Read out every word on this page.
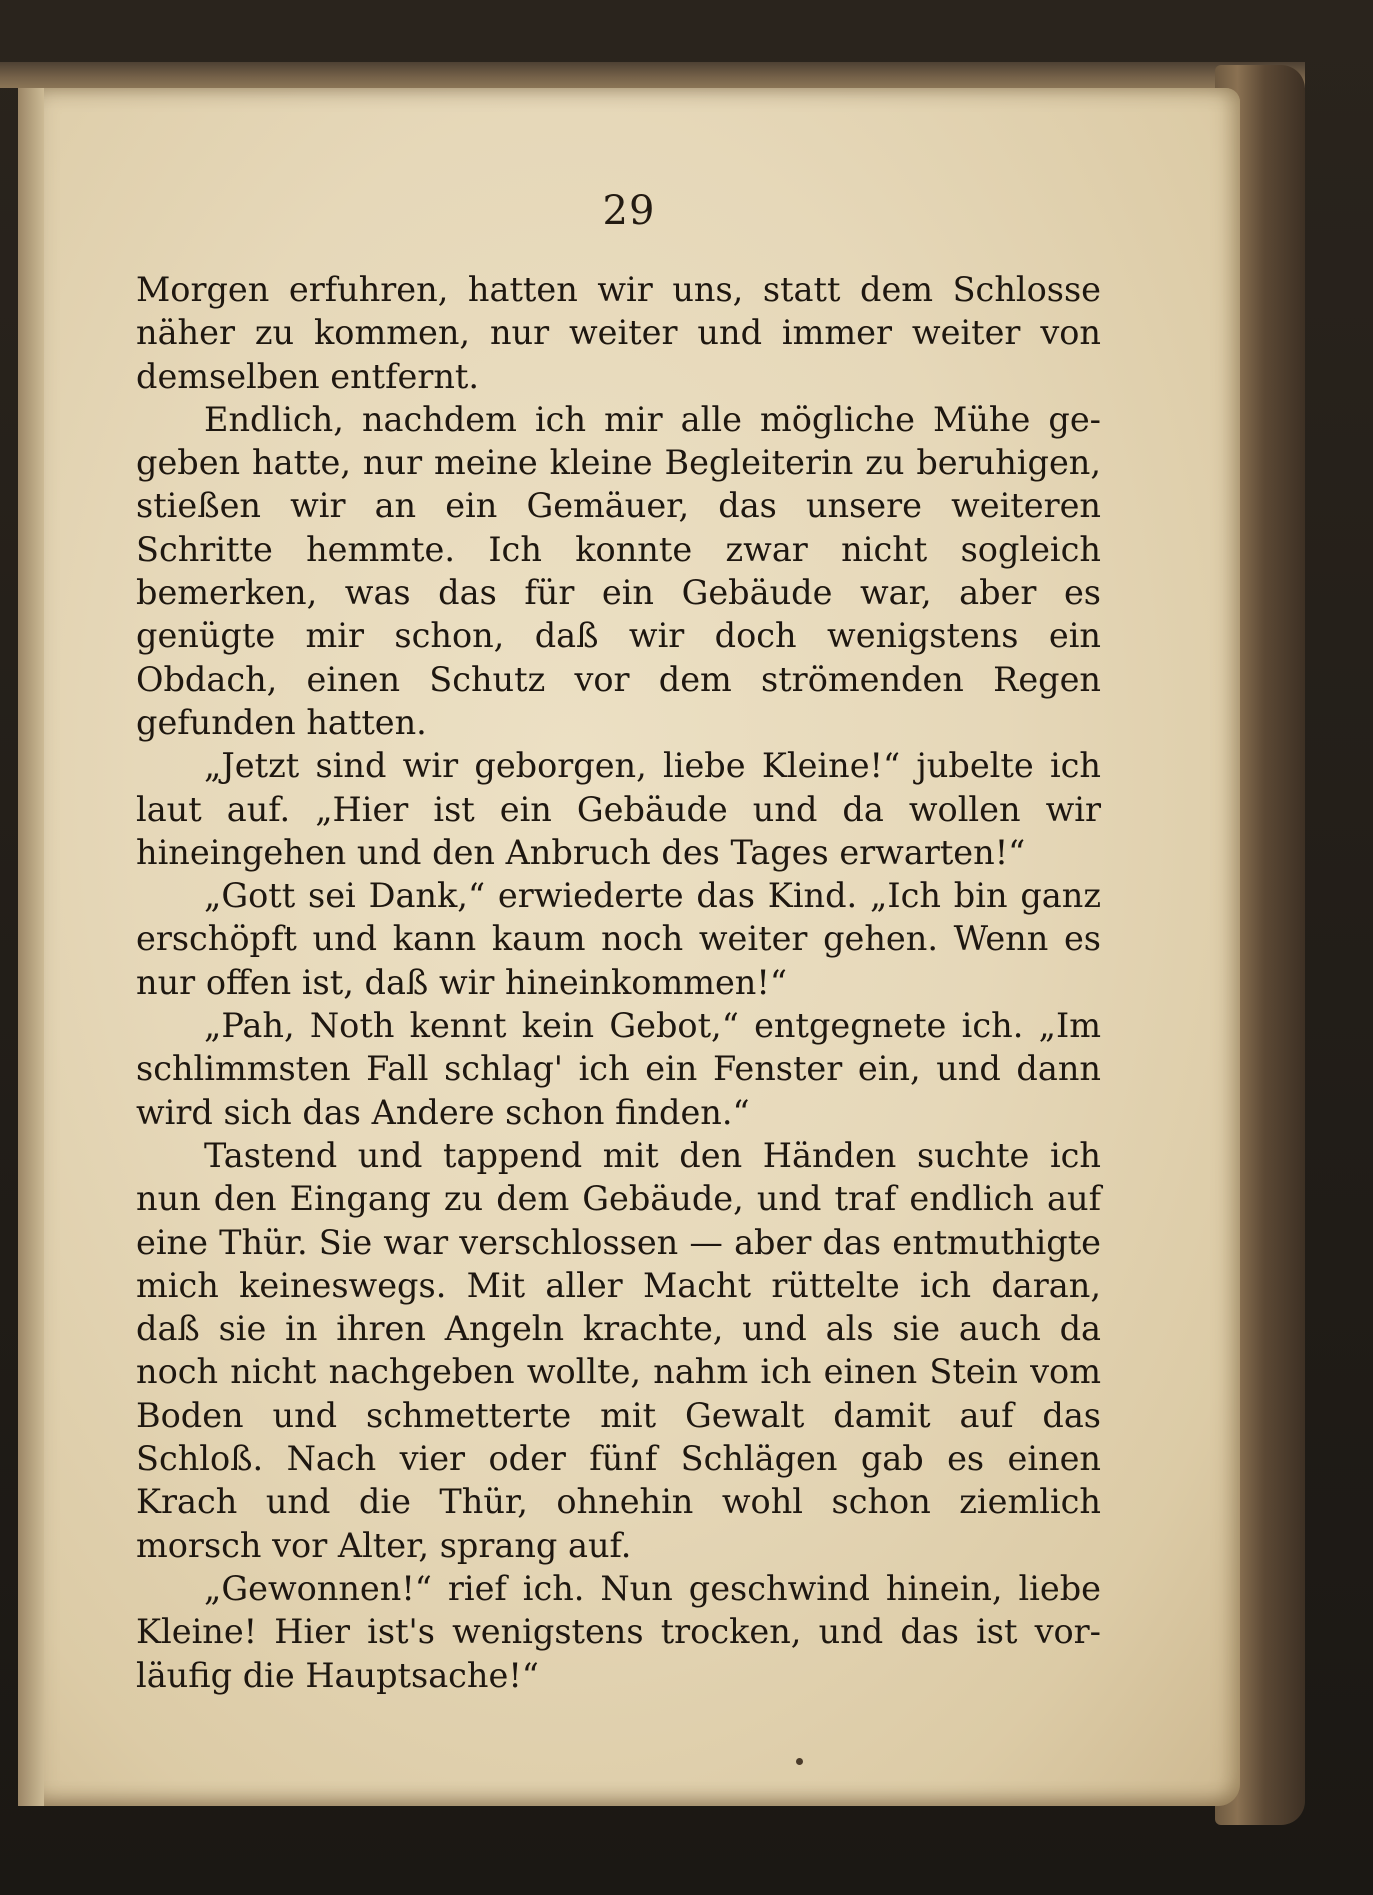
29

Morgen erfuhren, hatten wir uns, statt dem Schlosse näher zu kommen, nur weiter und immer weiter von demselben entfernt.

Endlich, nachdem ich mir alle mögliche Mühe ge- geben hatte, nur meine kleine Begleiterin zu beruhigen, stießen wir an ein Gemäuer, das unsere weiteren Schritte hemmte. Ich konnte zwar nicht sogleich bemerken, was das für ein Gebäude war, aber es genügte mir schon, daß wir doch wenigstens ein Obdach, einen Schutz vor dem strömenden Regen gefunden hatten.

„Jetzt sind wir geborgen, liebe Kleine!“ jubelte ich laut auf. „Hier ist ein Gebäude und da wollen wir hineingehen und den Anbruch des Tages erwarten!“

„Gott sei Dank,“ erwiederte das Kind. „Ich bin ganz erschöpft und kann kaum noch weiter gehen. Wenn es nur offen ist, daß wir hineinkommen!“

„Pah, Noth kennt kein Gebot,“ entgegnete ich. „Im schlimmsten Fall schlag' ich ein Fenster ein, und dann wird sich das Andere schon finden.“

Tastend und tappend mit den Händen suchte ich nun den Eingang zu dem Gebäude, und traf endlich auf eine Thür. Sie war verschlossen — aber das entmuthigte mich keineswegs. Mit aller Macht rüttelte ich daran, daß sie in ihren Angeln krachte, und als sie auch da noch nicht nachgeben wollte, nahm ich einen Stein vom Boden und schmetterte mit Gewalt damit auf das Schloß. Nach vier oder fünf Schlägen gab es einen Krach und die Thür, ohnehin wohl schon ziemlich morsch vor Alter, sprang auf.

„Gewonnen!“ rief ich. Nun geschwind hinein, liebe Kleine! Hier ist's wenigstens trocken, und das ist vor- läufig die Hauptsache!“
